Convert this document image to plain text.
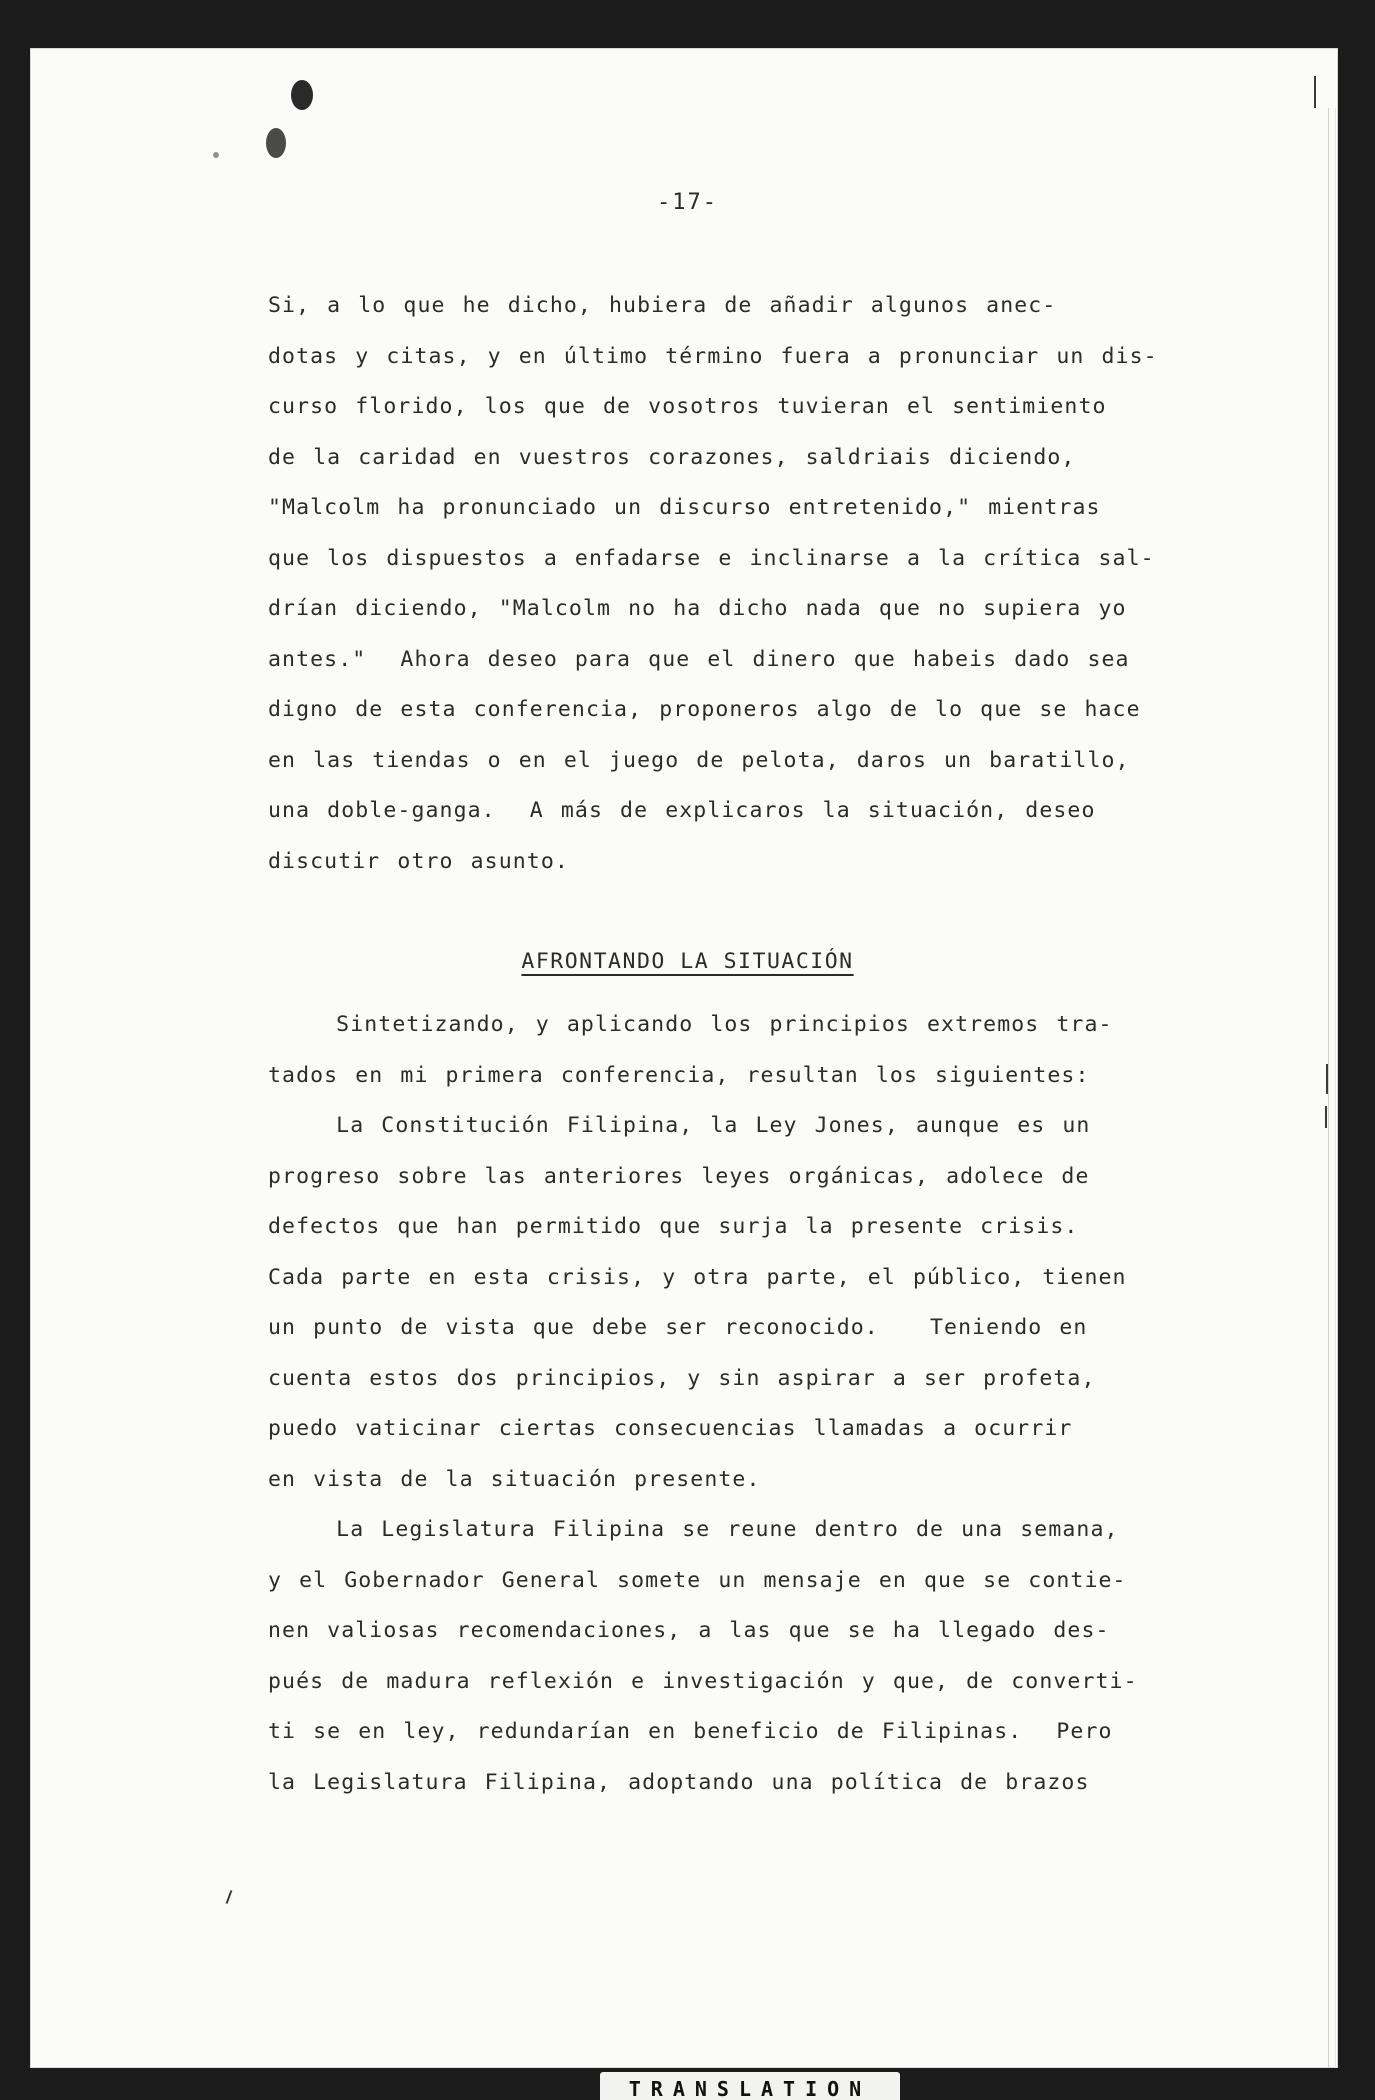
-17-
Si, a lo que he dicho, hubiera de añadir algunos anec-
dotas y citas, y en último término fuera a pronunciar un dis-
curso florido, los que de vosotros tuvieran el sentimiento
de la caridad en vuestros corazones, saldriais diciendo,
"Malcolm ha pronunciado un discurso entretenido," mientras
que los dispuestos a enfadarse e inclinarse a la crítica sal-
drían diciendo, "Malcolm no ha dicho nada que no supiera yo
antes."  Ahora deseo para que el dinero que habeis dado sea
digno de esta conferencia, proponeros algo de lo que se hace
en las tiendas o en el juego de pelota, daros un baratillo,
una doble-ganga.  A más de explicaros la situación, deseo
discutir otro asunto.
AFRONTANDO LA SITUACIÓN
Sintetizando, y aplicando los principios extremos tra-
tados en mi primera conferencia, resultan los siguientes:
La Constitución Filipina, la Ley Jones, aunque es un
progreso sobre las anteriores leyes orgánicas, adolece de
defectos que han permitido que surja la presente crisis.
Cada parte en esta crisis, y otra parte, el público, tienen
un punto de vista que debe ser reconocido.   Teniendo en
cuenta estos dos principios, y sin aspirar a ser profeta,
puedo vaticinar ciertas consecuencias llamadas a ocurrir
en vista de la situación presente.
La Legislatura Filipina se reune dentro de una semana,
y el Gobernador General somete un mensaje en que se contie-
nen valiosas recomendaciones, a las que se ha llegado des-
pués de madura reflexión e investigación y que, de converti-
ti se en ley, redundarían en beneficio de Filipinas.  Pero
la Legislatura Filipina, adoptando una política de brazos
TRANSLATION
